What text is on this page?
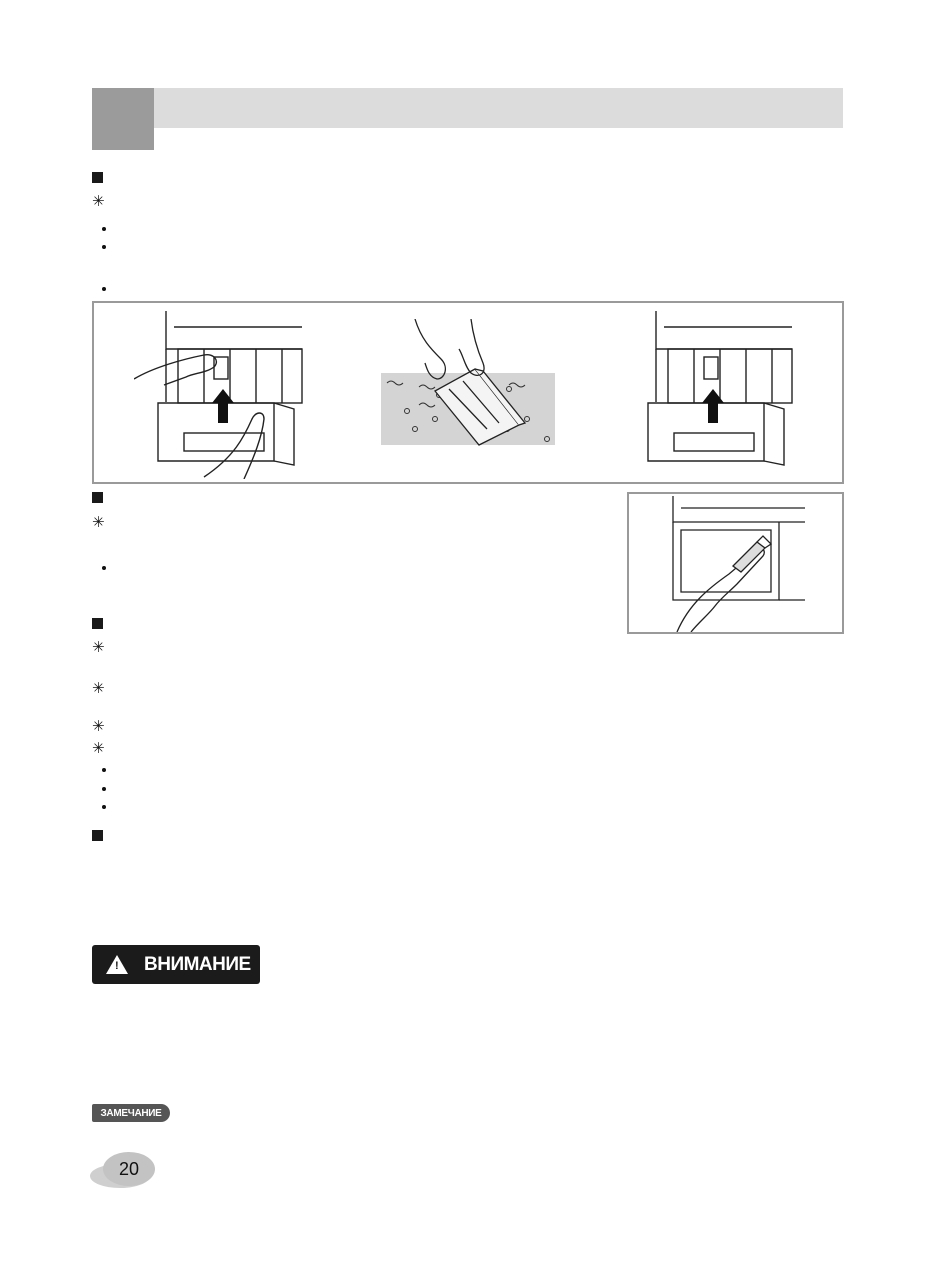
✳
✳
✳
✳
✳
✳
! ВНИМАНИЕ
ЗАМЕЧАНИЕ
20
